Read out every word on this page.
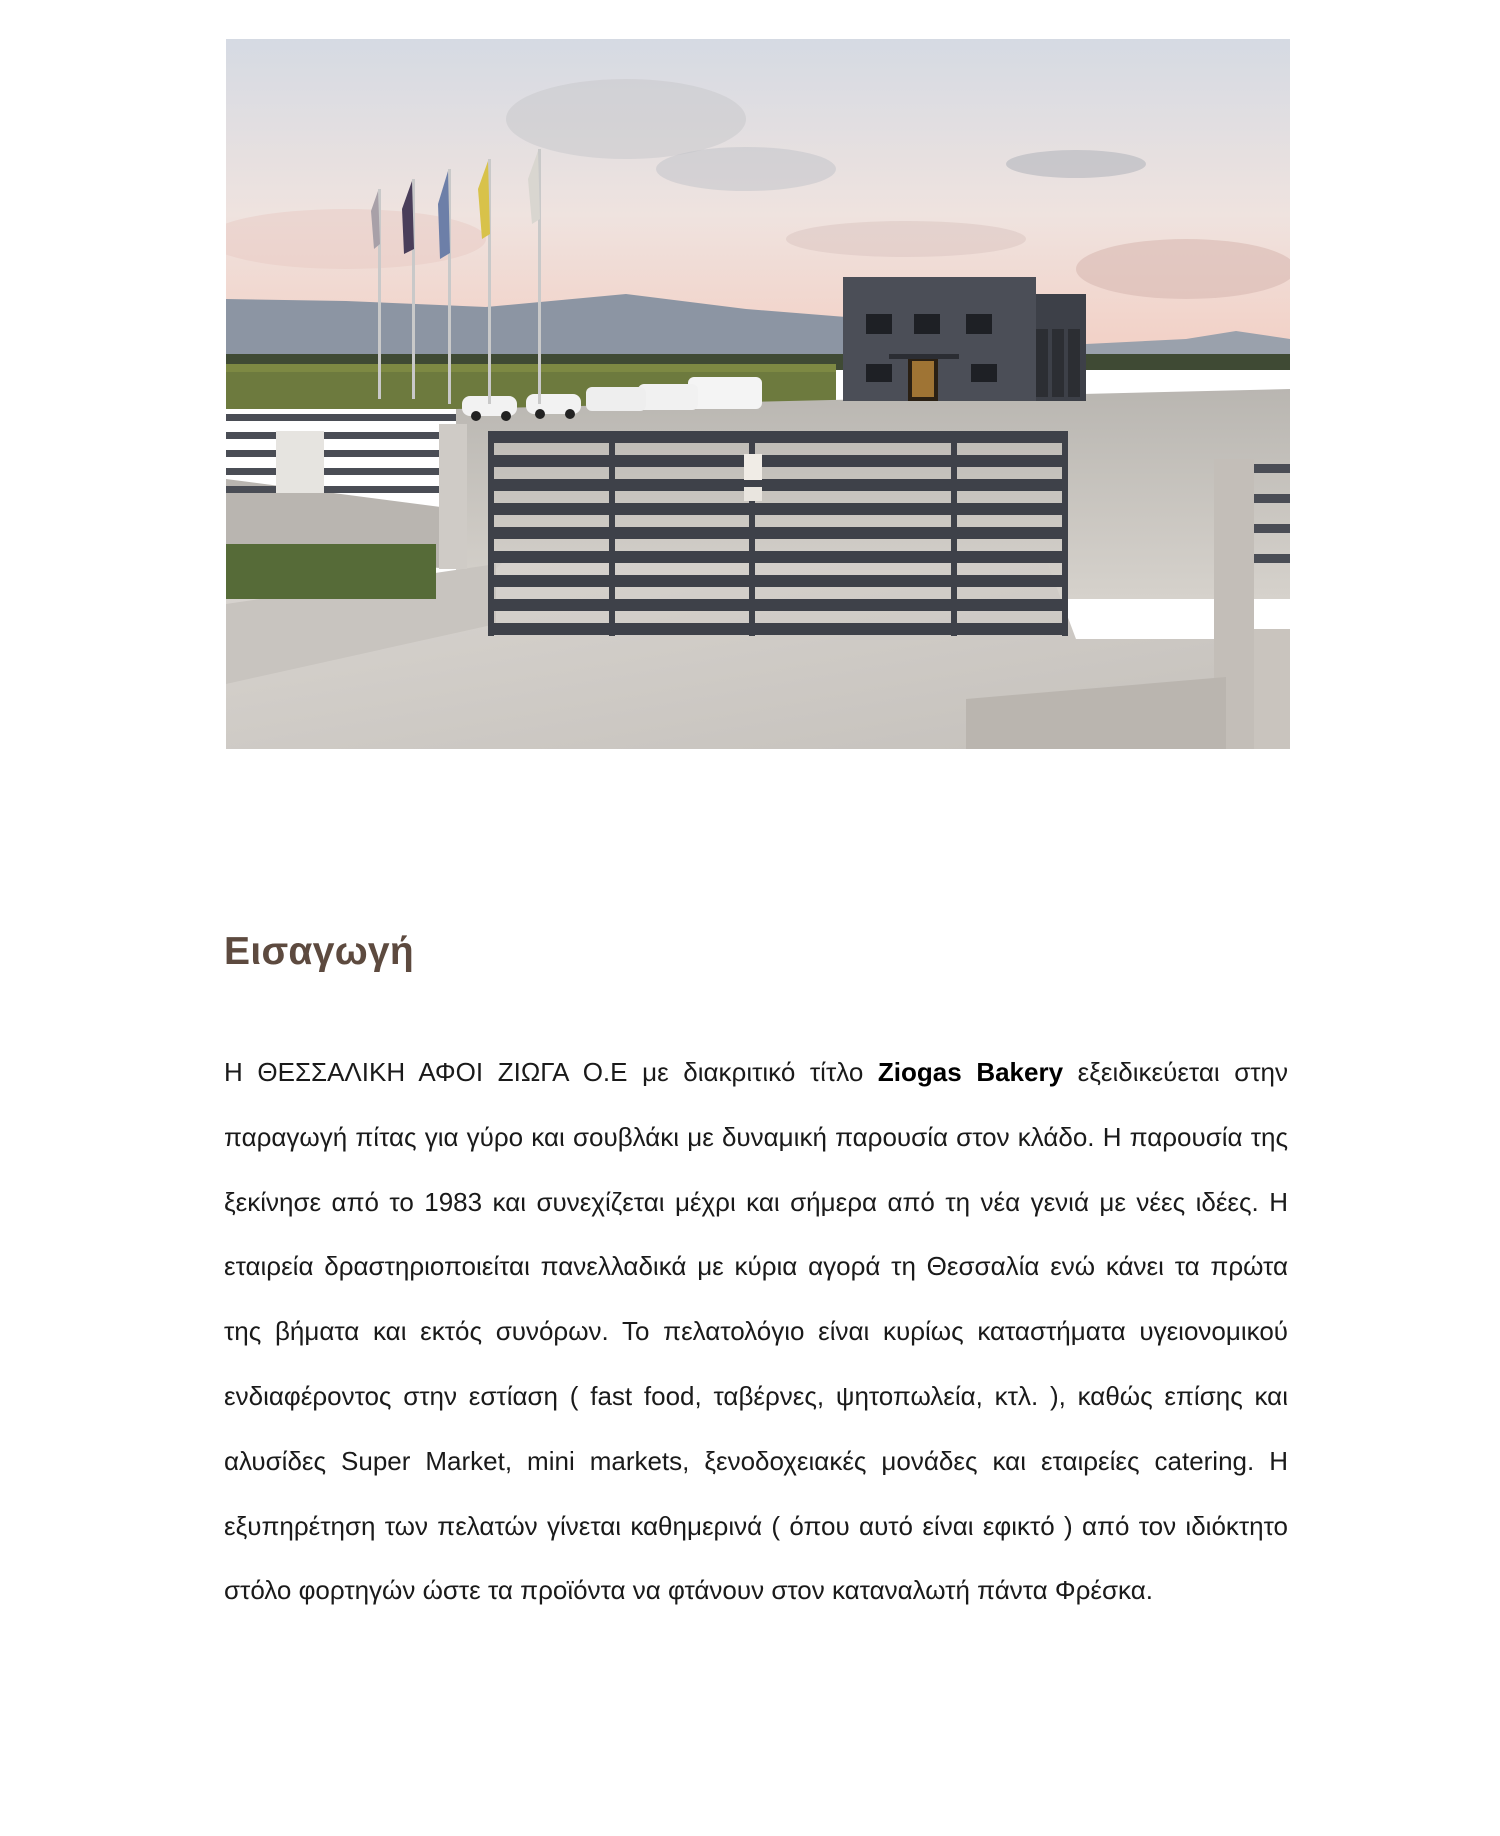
Εισαγωγή

Η ΘΕΣΣΑΛΙΚΗ ΑΦΟΙ ΖΙΩΓΑ Ο.Ε με διακριτικό τίτλο Ziogas Bakery εξειδικεύεται στην παραγωγή πίτας για γύρο και σουβλάκι με δυναμική παρουσία στον κλάδο. Η παρουσία της ξεκίνησε από το 1983 και συνεχίζεται μέχρι και σήμερα από τη νέα γενιά με νέες ιδέες. Η εταιρεία δραστηριοποιείται πανελλαδικά με κύρια αγορά τη Θεσσαλία ενώ κάνει τα πρώτα της βήματα και εκτός συνόρων. Το πελατολόγιο είναι κυρίως καταστήματα υγειονομικού ενδιαφέροντος στην εστίαση ( fast food, ταβέρνες, ψητοπωλεία, κτλ. ), καθώς επίσης και αλυσίδες Super Market, mini markets, ξενοδοχειακές μονάδες και εταιρείες catering. Η εξυπηρέτηση των πελατών γίνεται καθημερινά ( όπου αυτό είναι εφικτό ) από τον ιδιόκτητο στόλο φορτηγών ώστε τα προϊόντα να φτάνουν στον καταναλωτή πάντα Φρέσκα.
